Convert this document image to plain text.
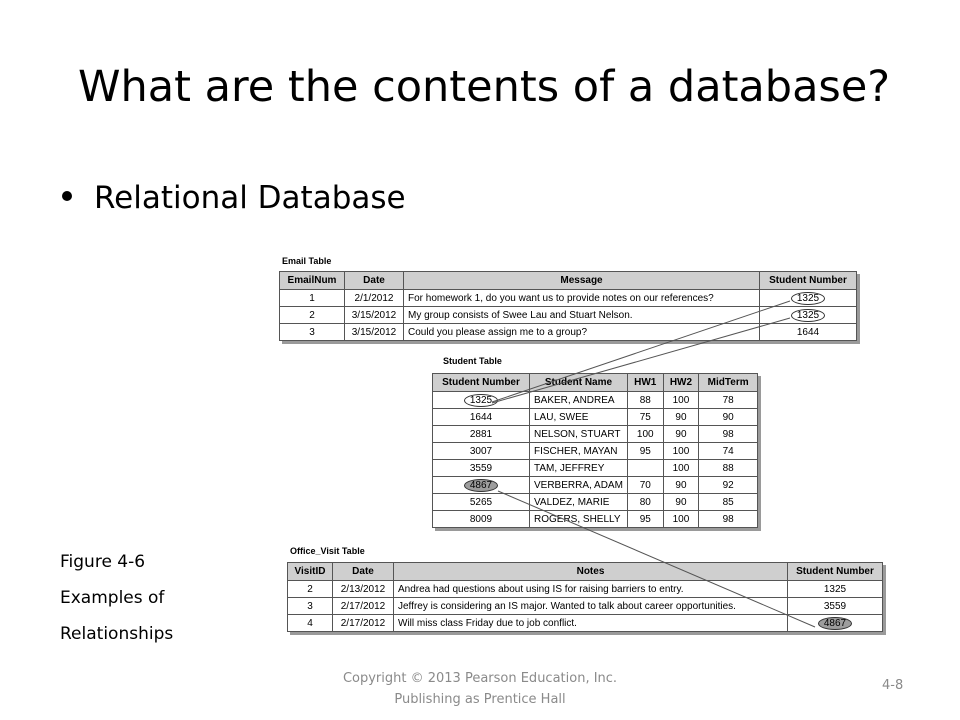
What are the contents of a database?
Relational Database
Figure 4-6
Examples of
Relationships
Email Table
EmailNum	Date	Message	Student Number
1	2/1/2012	For homework 1, do you want us to provide notes on our references?	1325
2	3/15/2012	My group consists of Swee Lau and Stuart Nelson.	1325
3	3/15/2012	Could you please assign me to a group?	1644
Student Table
Student Number	Student Name	HW1	HW2	MidTerm
1325	BAKER, ANDREA	88	100	78
1644	LAU, SWEE	75	90	90
2881	NELSON, STUART	100	90	98
3007	FISCHER, MAYAN	95	100	74
3559	TAM, JEFFREY		100	88
4867	VERBERRA, ADAM	70	90	92
5265	VALDEZ, MARIE	80	90	85
8009	ROGERS, SHELLY	95	100	98
Office_Visit Table
VisitID	Date	Notes	Student Number
2	2/13/2012	Andrea had questions about using IS for raising barriers to entry.	1325
3	2/17/2012	Jeffrey is considering an IS major. Wanted to talk about career opportunities.	3559
4	2/17/2012	Will miss class Friday due to job conflict.	4867
Copyright © 2013 Pearson Education, Inc.
Publishing as Prentice Hall
4-8
